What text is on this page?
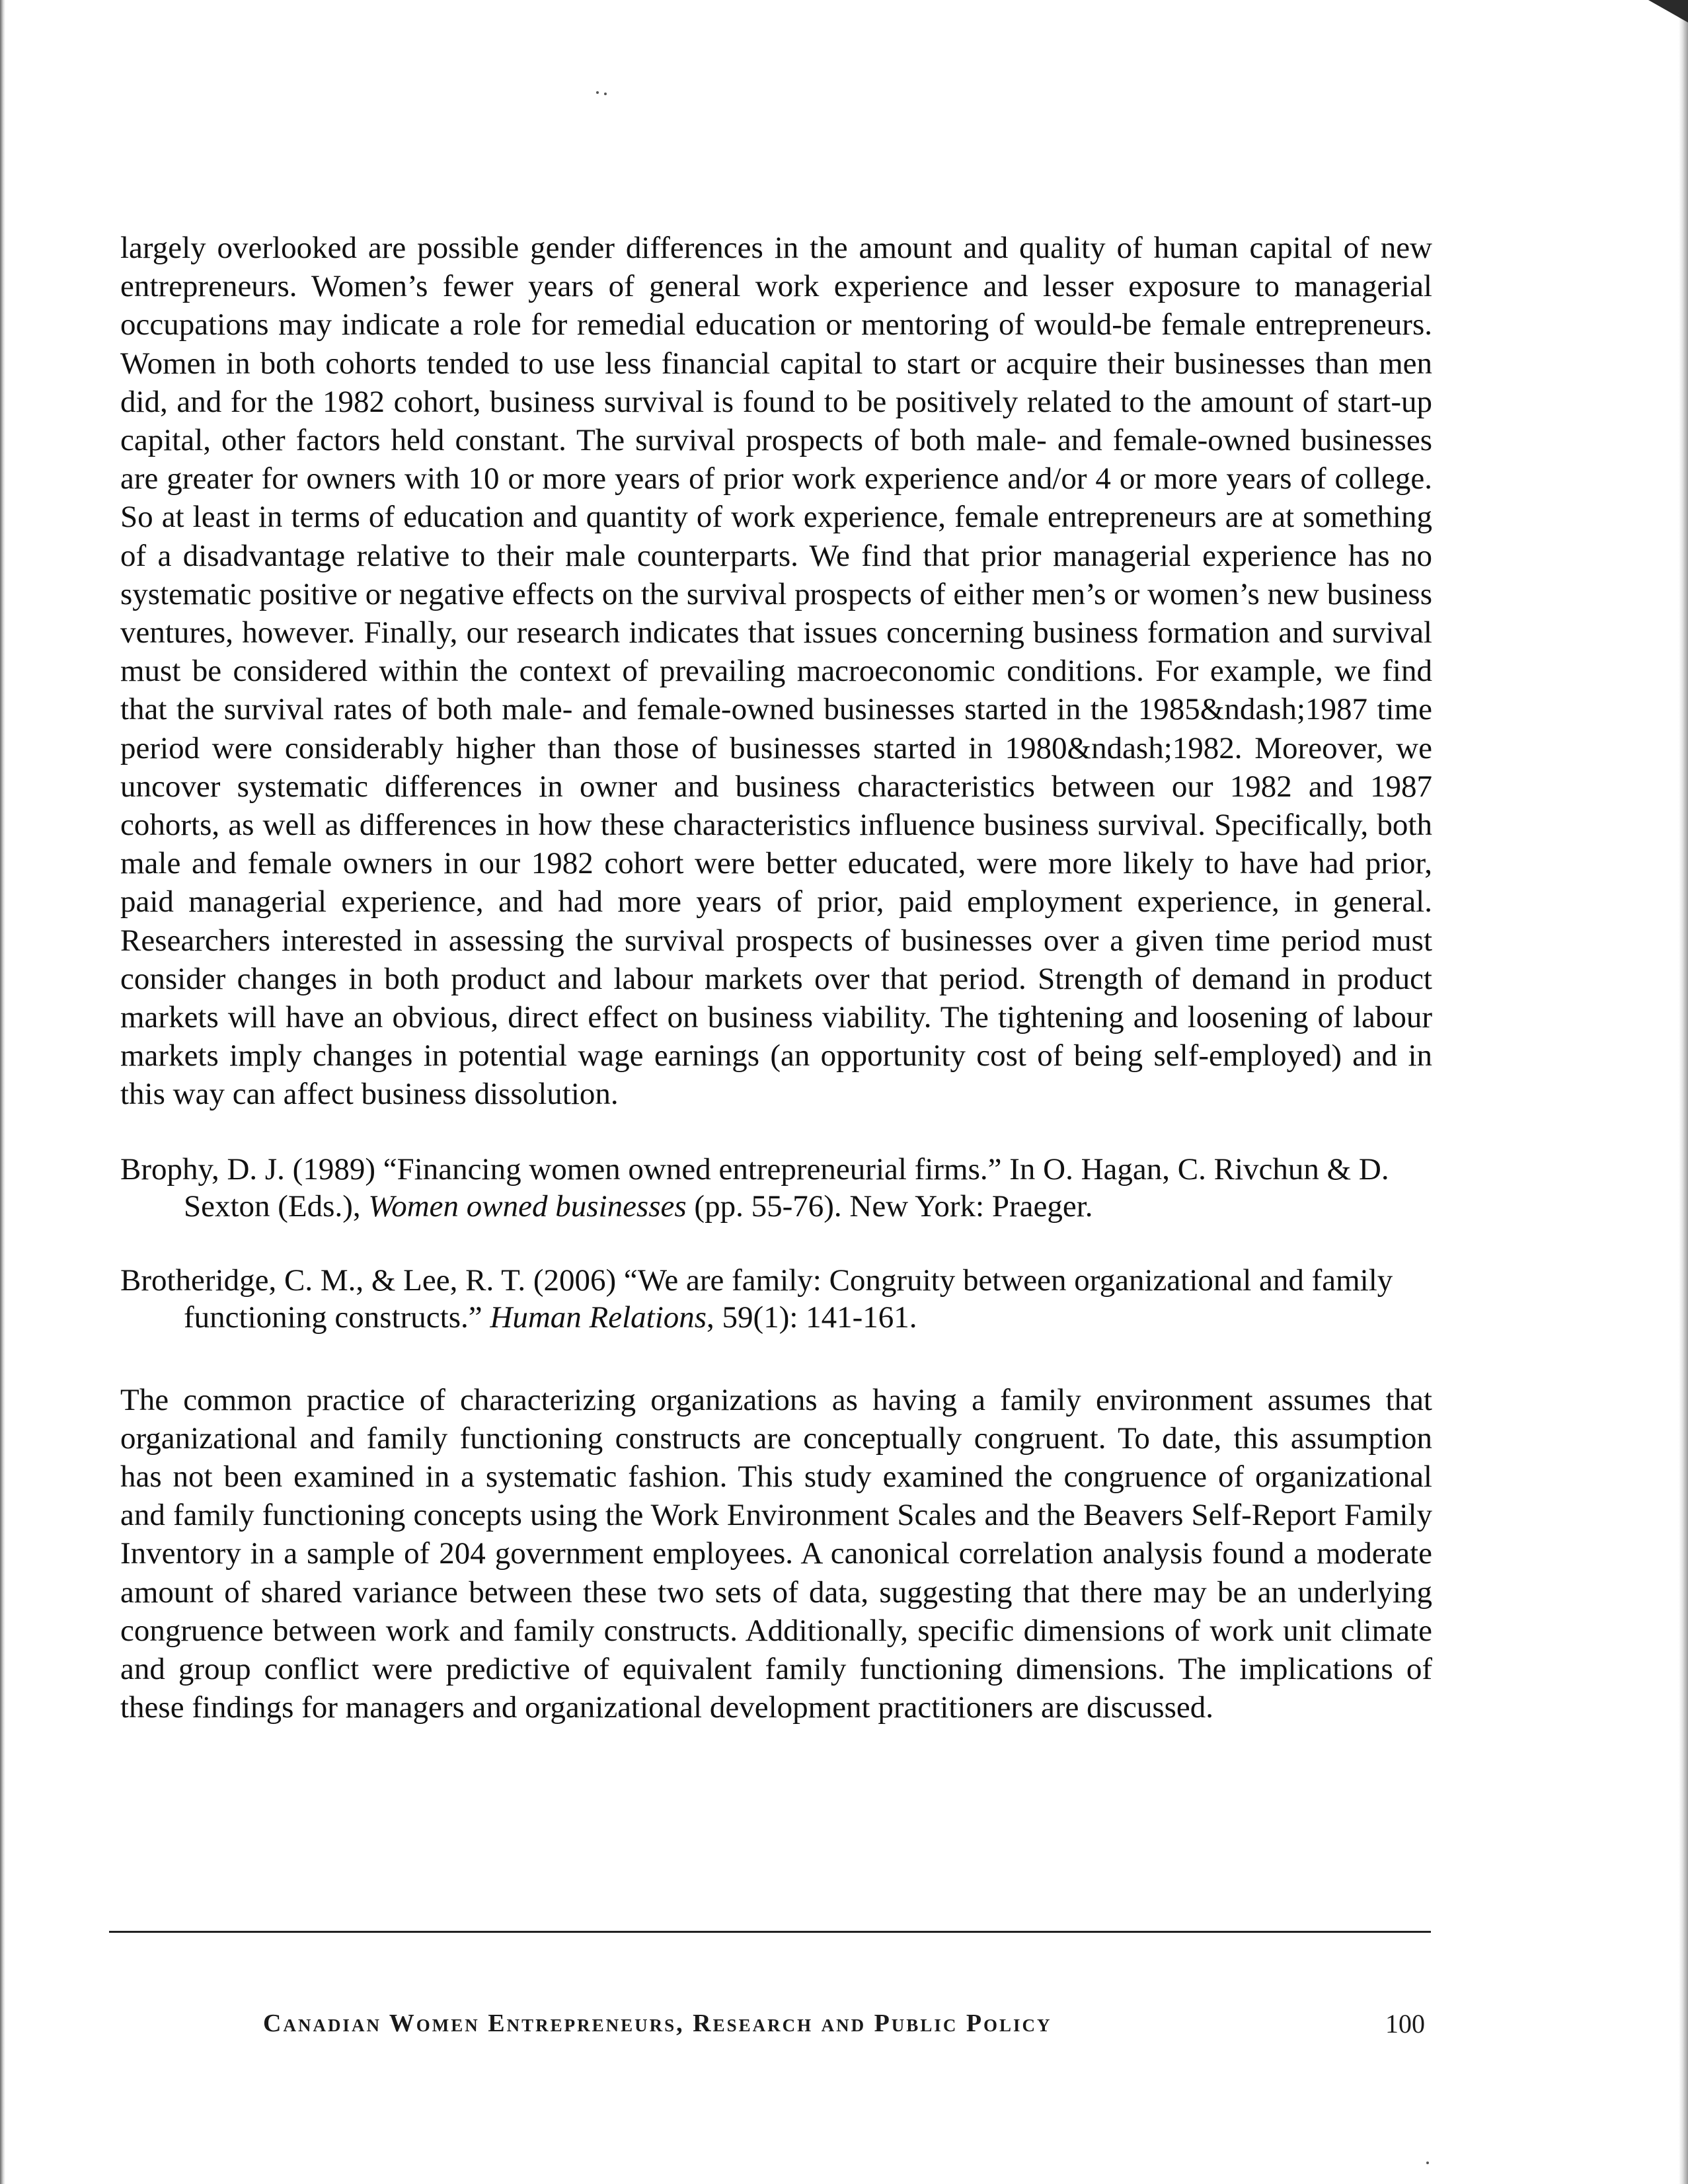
largely overlooked are possible gender differences in the amount and quality of human capital of new entrepreneurs. Women’s fewer years of general work experience and lesser exposure to managerial occupations may indicate a role for remedial education or mentoring of would-be female entrepreneurs. Women in both cohorts tended to use less financial capital to start or acquire their businesses than men did, and for the 1982 cohort, business survival is found to be positively related to the amount of start-up capital, other factors held constant. The survival prospects of both male- and female-owned businesses are greater for owners with 10 or more years of prior work experience and/or 4 or more years of college. So at least in terms of education and quantity of work experience, female entrepreneurs are at something of a disadvantage relative to their male counterparts. We find that prior managerial experience has no systematic positive or negative effects on the survival prospects of either men’s or women’s new business ventures, however. Finally, our research indicates that issues concerning business formation and survival must be considered within the context of prevailing macroeconomic conditions. For example, we find that the survival rates of both male- and female-owned businesses started in the 1985&ndash;1987 time period were considerably higher than those of businesses started in 1980&ndash;1982. Moreover, we uncover systematic differences in owner and business characteristics between our 1982 and 1987 cohorts, as well as differences in how these characteristics influence business survival. Specifically, both male and female owners in our 1982 cohort were better educated, were more likely to have had prior, paid managerial experience, and had more years of prior, paid employment experience, in general. Researchers interested in assessing the survival prospects of businesses over a given time period must consider changes in both product and labour markets over that period. Strength of demand in product markets will have an obvious, direct effect on business viability. The tightening and loosening of labour markets imply changes in potential wage earnings (an opportunity cost of being self-employed) and in this way can affect business dissolution.

Brophy, D. J. (1989) “Financing women owned entrepreneurial firms.” In O. Hagan, C. Rivchun & D. Sexton (Eds.), Women owned businesses (pp. 55-76). New York: Praeger.

Brotheridge, C. M., & Lee, R. T. (2006) “We are family: Congruity between organizational and family functioning constructs.” Human Relations, 59(1): 141-161.

The common practice of characterizing organizations as having a family environment assumes that organizational and family functioning constructs are conceptually congruent. To date, this assumption has not been examined in a systematic fashion. This study examined the congruence of organizational and family functioning concepts using the Work Environment Scales and the Beavers Self-Report Family Inventory in a sample of 204 government employees. A canonical correlation analysis found a moderate amount of shared variance between these two sets of data, suggesting that there may be an underlying congruence between work and family constructs. Additionally, specific dimensions of work unit climate and group conflict were predictive of equivalent family functioning dimensions. The implications of these findings for managers and organizational development practitioners are discussed.

Canadian Women Entrepreneurs, Research and Public Policy	100
